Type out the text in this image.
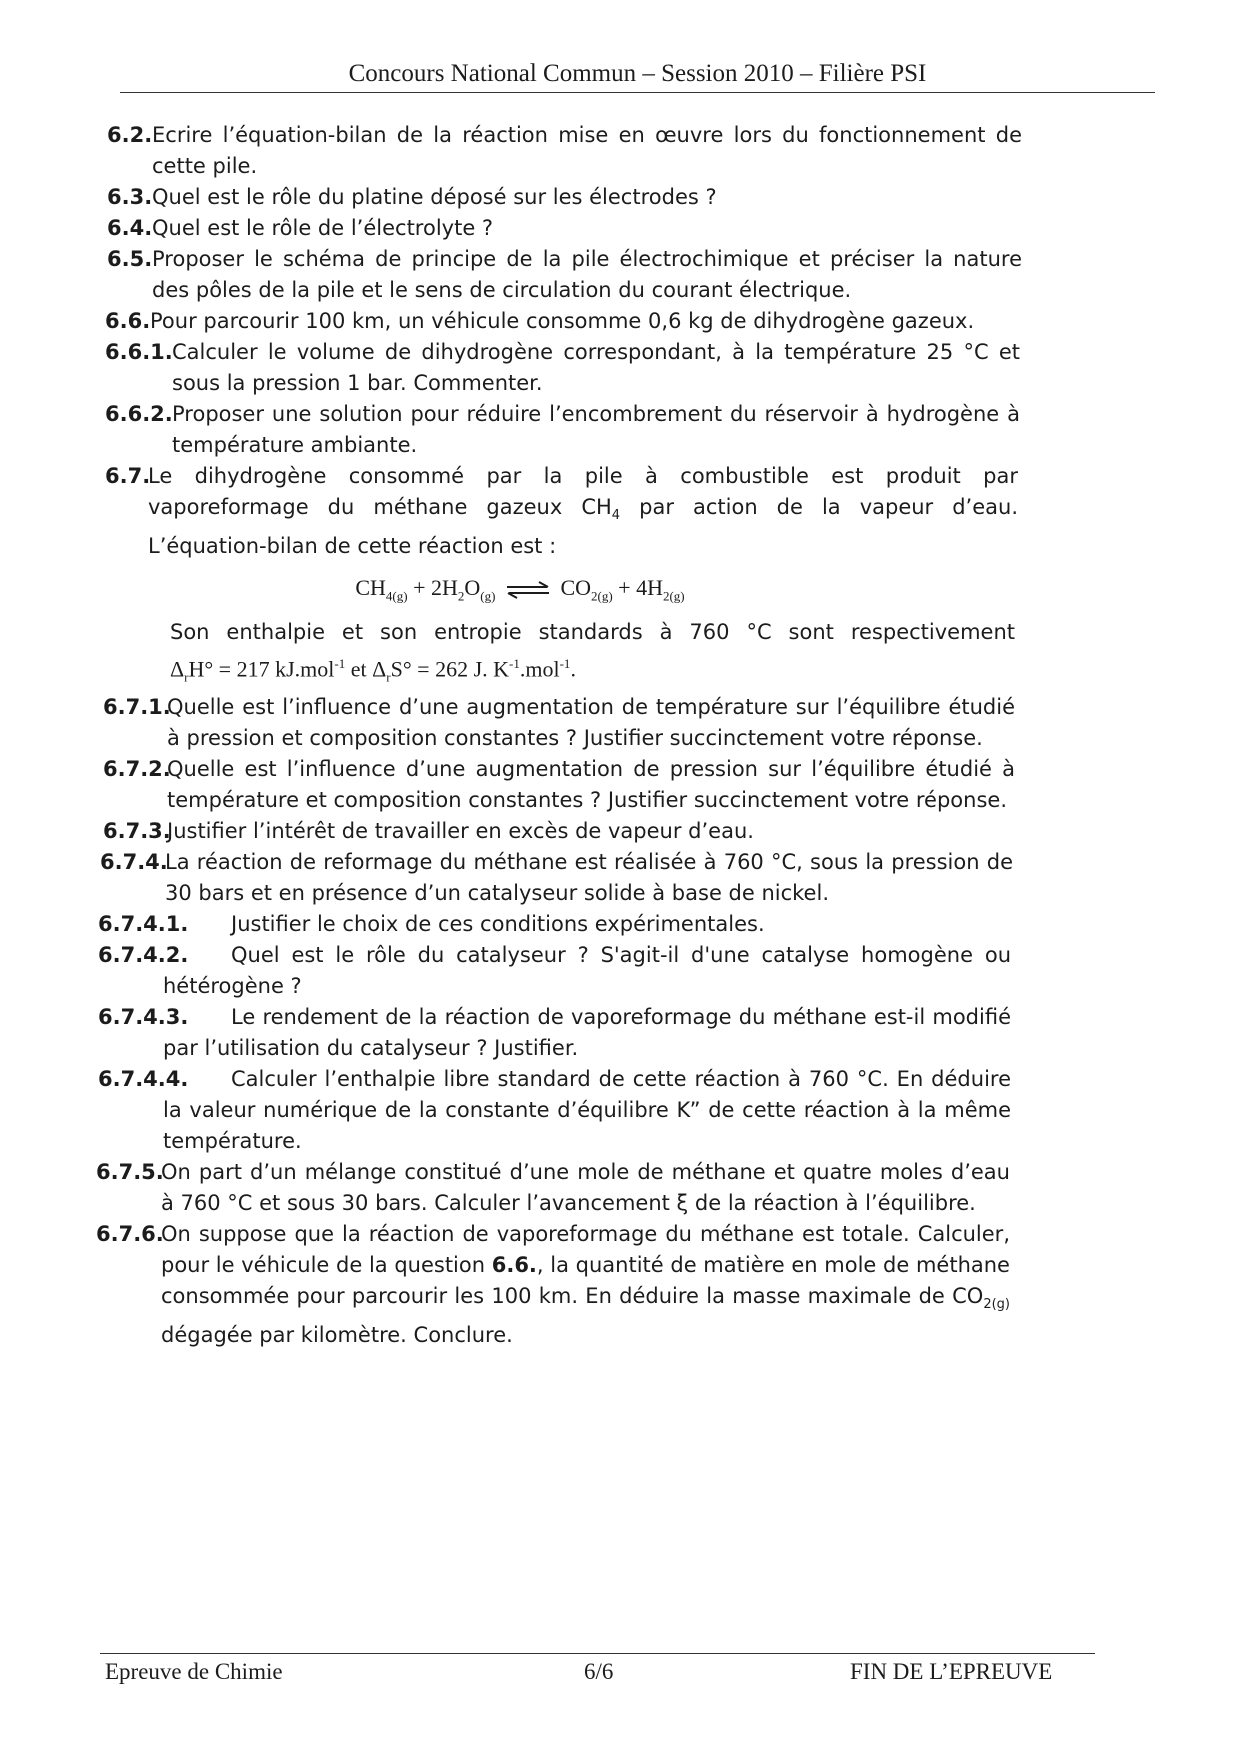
Concours National Commun – Session 2010 – Filière PSI
6.2. Ecrire l’équation-bilan de la réaction mise en œuvre lors du fonctionnement de cette pile.
6.3. Quel est le rôle du platine déposé sur les électrodes ?
6.4. Quel est le rôle de l’électrolyte ?
6.5. Proposer le schéma de principe de la pile électrochimique et préciser la nature des pôles de la pile et le sens de circulation du courant électrique.
6.6. Pour parcourir 100 km, un véhicule consomme 0,6 kg de dihydrogène gazeux.
6.6.1. Calculer le volume de dihydrogène correspondant, à la température 25 °C et sous la pression 1 bar. Commenter.
6.6.2. Proposer une solution pour réduire l’encombrement du réservoir à hydrogène à température ambiante.
6.7.
Le dihydrogène consommé par la pile à combustible est produit par vaporeformage du méthane gazeux $CH_4$ par action de la vapeur d’eau. L’équation-bilan de cette réaction est :
$CH_{4(g)} + 2H_2O_{(g)}$ ⇌ $CO_{2(g)} + 4H_{2(g)}$
Son enthalpie et son entropie standards à 760 °C sont respectivement
$\Delta_rH^\circ = 217$ kJ.mol$^{-1}$ et $\Delta_rS^\circ = 262$ J. $K^{-1}.mol^{-1}$.
6.7.1.
Quelle est l’influence d’une augmentation de température sur l’équilibre étudié à pression et composition constantes ? Justifier succinctement votre réponse.
6.7.2.
Quelle est l’influence d’une augmentation de pression sur l’équilibre étudié à température et composition constantes ? Justifier succinctement votre réponse.
6.7.3.
Justifier l’intérêt de travailler en excès de vapeur d’eau.
6.7.4.
La réaction de reformage du méthane est réalisée à 760 °C, sous la pression de 30 bars et en présence d’un catalyseur solide à base de nickel.
6.7.4.1.	Justifier le choix de ces conditions expérimentales.
6.7.4.2.	Quel est le rôle du catalyseur ? S'agit-il d'une catalyse homogène ou hétérogène ?
6.7.4.3.	Le rendement de la réaction de vaporeformage du méthane est-il modifié par l’utilisation du catalyseur ? Justifier.
6.7.4.4.	Calculer l’enthalpie libre standard de cette réaction à 760 °C. En déduire la valeur numérique de la constante d’équilibre K” de cette réaction à la même température.
6.7.5.
On part d’un mélange constitué d’une mole de méthane et quatre moles d’eau à 760 °C et sous 30 bars. Calculer l’avancement ξ de la réaction à l’équilibre.
6.7.6.
On suppose que la réaction de vaporeformage du méthane est totale. Calculer, pour le véhicule de la question 6.6., la quantité de matière en mole de méthane consommée pour parcourir les 100 km. En déduire la masse maximale de $CO_{2(g)}$ dégagée par kilomètre. Conclure.
Epreuve de Chimie	6/6	FIN DE L’EPREUVE
